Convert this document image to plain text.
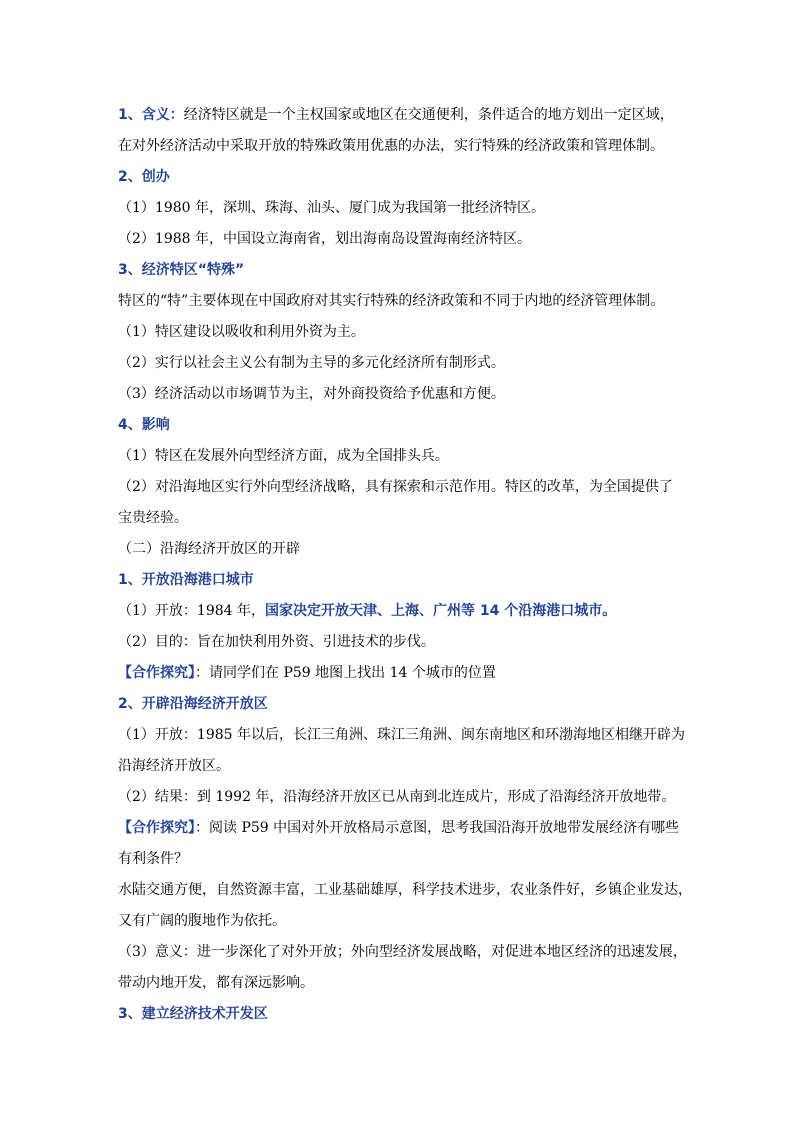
1、含义：经济特区就是一个主权国家或地区在交通便利，条件适合的地方划出一定区域，
在对外经济活动中采取开放的特殊政策用优惠的办法，实行特殊的经济政策和管理体制。
2、创办
（1）1980 年，深圳、珠海、汕头、厦门成为我国第一批经济特区。
（2）1988 年，中国设立海南省，划出海南岛设置海南经济特区。
3、经济特区“特殊”
特区的“特”主要体现在中国政府对其实行特殊的经济政策和不同于内地的经济管理体制。
（1）特区建设以吸收和利用外资为主。
（2）实行以社会主义公有制为主导的多元化经济所有制形式。
（3）经济活动以市场调节为主，对外商投资给予优惠和方便。
4、影响
（1）特区在发展外向型经济方面，成为全国排头兵。
（2）对沿海地区实行外向型经济战略，具有探索和示范作用。特区的改革，为全国提供了
宝贵经验。
（二）沿海经济开放区的开辟
1、开放沿海港口城市
（1）开放：1984 年，国家决定开放天津、上海、广州等 14 个沿海港口城市。
（2）目的：旨在加快利用外资、引进技术的步伐。
【合作探究】：请同学们在 P59 地图上找出 14 个城市的位置
2、开辟沿海经济开放区
（1）开放：1985 年以后，长江三角洲、珠江三角洲、闽东南地区和环渤海地区相继开辟为
沿海经济开放区。
（2）结果：到 1992 年，沿海经济开放区已从南到北连成片，形成了沿海经济开放地带。
【合作探究】：阅读 P59 中国对外开放格局示意图，思考我国沿海开放地带发展经济有哪些
有利条件？
水陆交通方便，自然资源丰富，工业基础雄厚，科学技术进步，农业条件好，乡镇企业发达，
又有广阔的腹地作为依托。
（3）意义：进一步深化了对外开放；外向型经济发展战略，对促进本地区经济的迅速发展，
带动内地开发，都有深远影响。
3、建立经济技术开发区
